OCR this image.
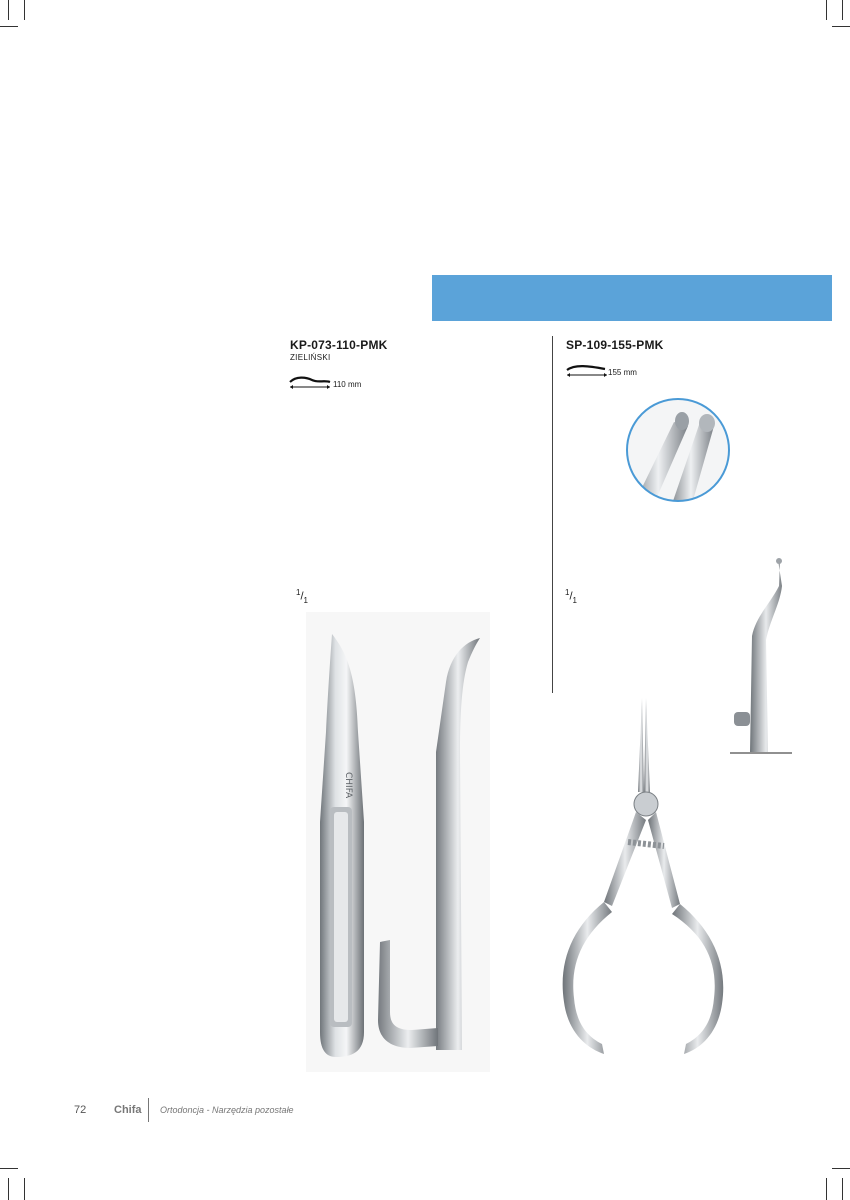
KP-073-110-PMK
ZIELIŃSKI
110 mm
$^1/_1$
SP-109-155-PMK
155 mm
$^1/_1$
CHIFA
72	Chifa Ortodoncja - Narzędzia pozostałe
